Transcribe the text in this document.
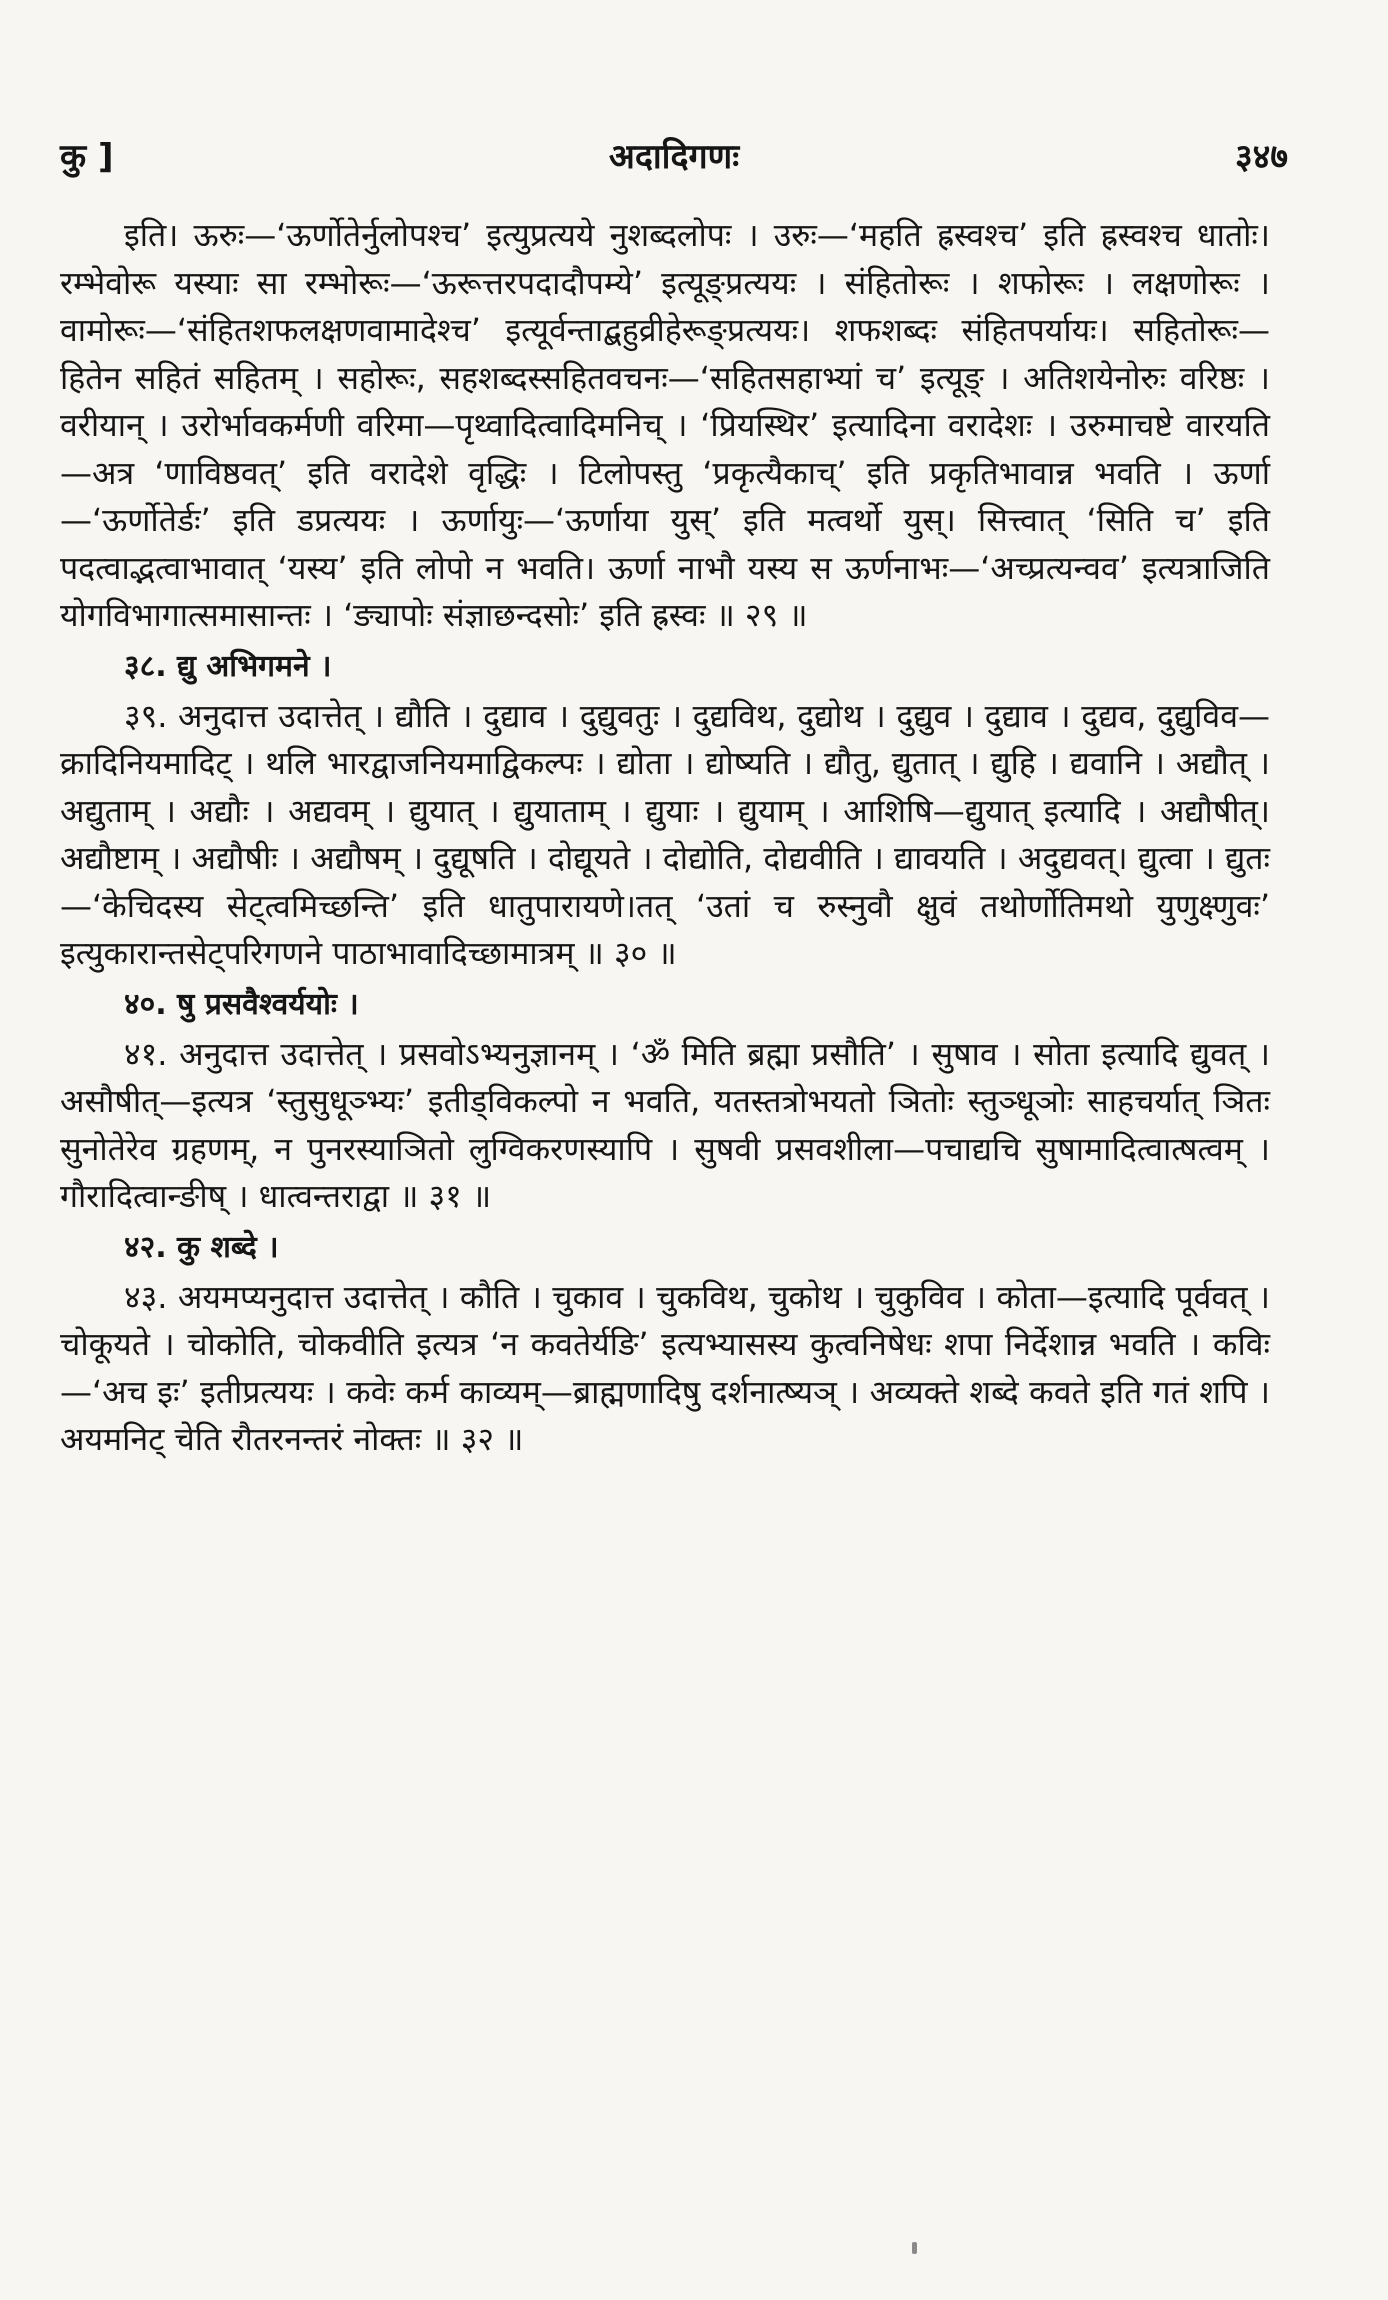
कु ]	अदादिगणः	३४७

इति। ऊरुः—‘ऊर्णोतेर्नुलोपश्च’ इत्युप्रत्यये नुशब्दलोपः । उरुः—‘महति ह्रस्वश्च’ इति ह्रस्वश्च धातोः। रम्भेवोरू यस्याः सा रम्भोरूः—‘ऊरूत्तरपदादौपम्ये’ इत्यूङ्प्रत्ययः । संहितोरूः । शफोरूः । लक्षणोरूः । वामोरूः—‘संहितशफलक्षणवामादेश्च’ इत्यूर्वन्ताद्बहुव्रीहेरूङ्प्रत्ययः। शफशब्दः संहितपर्यायः। सहितोरूः—हितेन सहितं सहितम् । सहोरूः, सहशब्दस्सहितवचनः—‘सहितसहाभ्यां च’ इत्यूङ् । अतिशयेनोरुः वरिष्ठः । वरीयान् । उरोर्भावकर्मणी वरिमा—पृथ्वादित्वादिमनिच् । ‘प्रियस्थिर’ इत्यादिना वरादेशः । उरुमाचष्टे वारयति—अत्र ‘णाविष्ठवत्’ इति वरादेशे वृद्धिः । टिलोपस्तु ‘प्रकृत्यैकाच्’ इति प्रकृतिभावान्न भवति । ऊर्णा—‘ऊर्णोतेर्डः’ इति डप्रत्ययः । ऊर्णायुः—‘ऊर्णाया युस्’ इति मत्वर्थो युस्। सित्त्वात् ‘सिति च’ इति पदत्वाद्भत्वाभावात् ‘यस्य’ इति लोपो न भवति। ऊर्णा नाभौ यस्य स ऊर्णनाभः—‘अच्प्रत्यन्वव’ इत्यत्राजिति योगविभागात्समासान्तः । ‘ङ्यापोः संज्ञाछन्दसोः’ इति ह्रस्वः ॥ २९ ॥

३८. द्यु अभिगमने ।

३९. अनुदात्त उदात्तेत् । द्यौति । दुद्याव । दुद्युवतुः । दुद्यविथ, दुद्योथ । दुद्युव । दुद्याव । दुद्यव, दुद्युविव—क्रादिनियमादिट् । थलि भारद्वाजनियमाद्विकल्पः । द्योता । द्योष्यति । द्यौतु, द्युतात् । द्युहि । द्यवानि । अद्यौत् । अद्युताम् । अद्यौः । अद्यवम् । द्युयात् । द्युयाताम् । द्युयाः । द्युयाम् । आशिषि—द्युयात् इत्यादि । अद्यौषीत्। अद्यौष्टाम् । अद्यौषीः । अद्यौषम् । दुद्यूषति । दोद्यूयते । दोद्योति, दोद्यवीति । द्यावयति । अदुद्यवत्। द्युत्वा । द्युतः—‘केचिदस्य सेट्त्वमिच्छन्ति’ इति धातुपारायणे।तत् ‘उतां च रुस्नुवौ क्षुवं तथोर्णोतिमथो युणुक्ष्णुवः’ इत्युकारान्तसेट्परिगणने पाठाभावादिच्छामात्रम् ॥ ३० ॥

४०. षु प्रसवैश्वर्ययोः ।

४१. अनुदात्त उदात्तेत् । प्रसवोऽभ्यनुज्ञानम् । ‘ॐ मिति ब्रह्मा प्रसौति’ । सुषाव । सोता इत्यादि द्युवत् । असौषीत्—इत्यत्र ‘स्तुसुधूञ्भ्यः’ इतीड्विकल्पो न भवति, यतस्तत्रोभयतो ञितोः स्तुञ्धूञोः साहचर्यात् ञितः सुनोतेरेव ग्रहणम्, न पुनरस्याञितो लुग्विकरणस्यापि । सुषवी प्रसवशीला—पचाद्यचि सुषामादित्वात्षत्वम् । गौरादित्वान्ङीष् । धात्वन्तराद्वा ॥ ३१ ॥

४२. कु शब्दे ।

४३. अयमप्यनुदात्त उदात्तेत् । कौति । चुकाव । चुकविथ, चुकोथ । चुकुविव । कोता—इत्यादि पूर्ववत् । चोकूयते । चोकोति, चोकवीति इत्यत्र ‘न कवतेर्यङि’ इत्यभ्यासस्य कुत्वनिषेधः शपा निर्देशान्न भवति । कविः—‘अच इः’ इतीप्रत्ययः । कवेः कर्म काव्यम्—ब्राह्मणादिषु दर्शनात्ष्यञ् । अव्यक्ते शब्दे कवते इति गतं शपि । अयमनिट् चेति रौतरनन्तरं नोक्तः ॥ ३२ ॥
